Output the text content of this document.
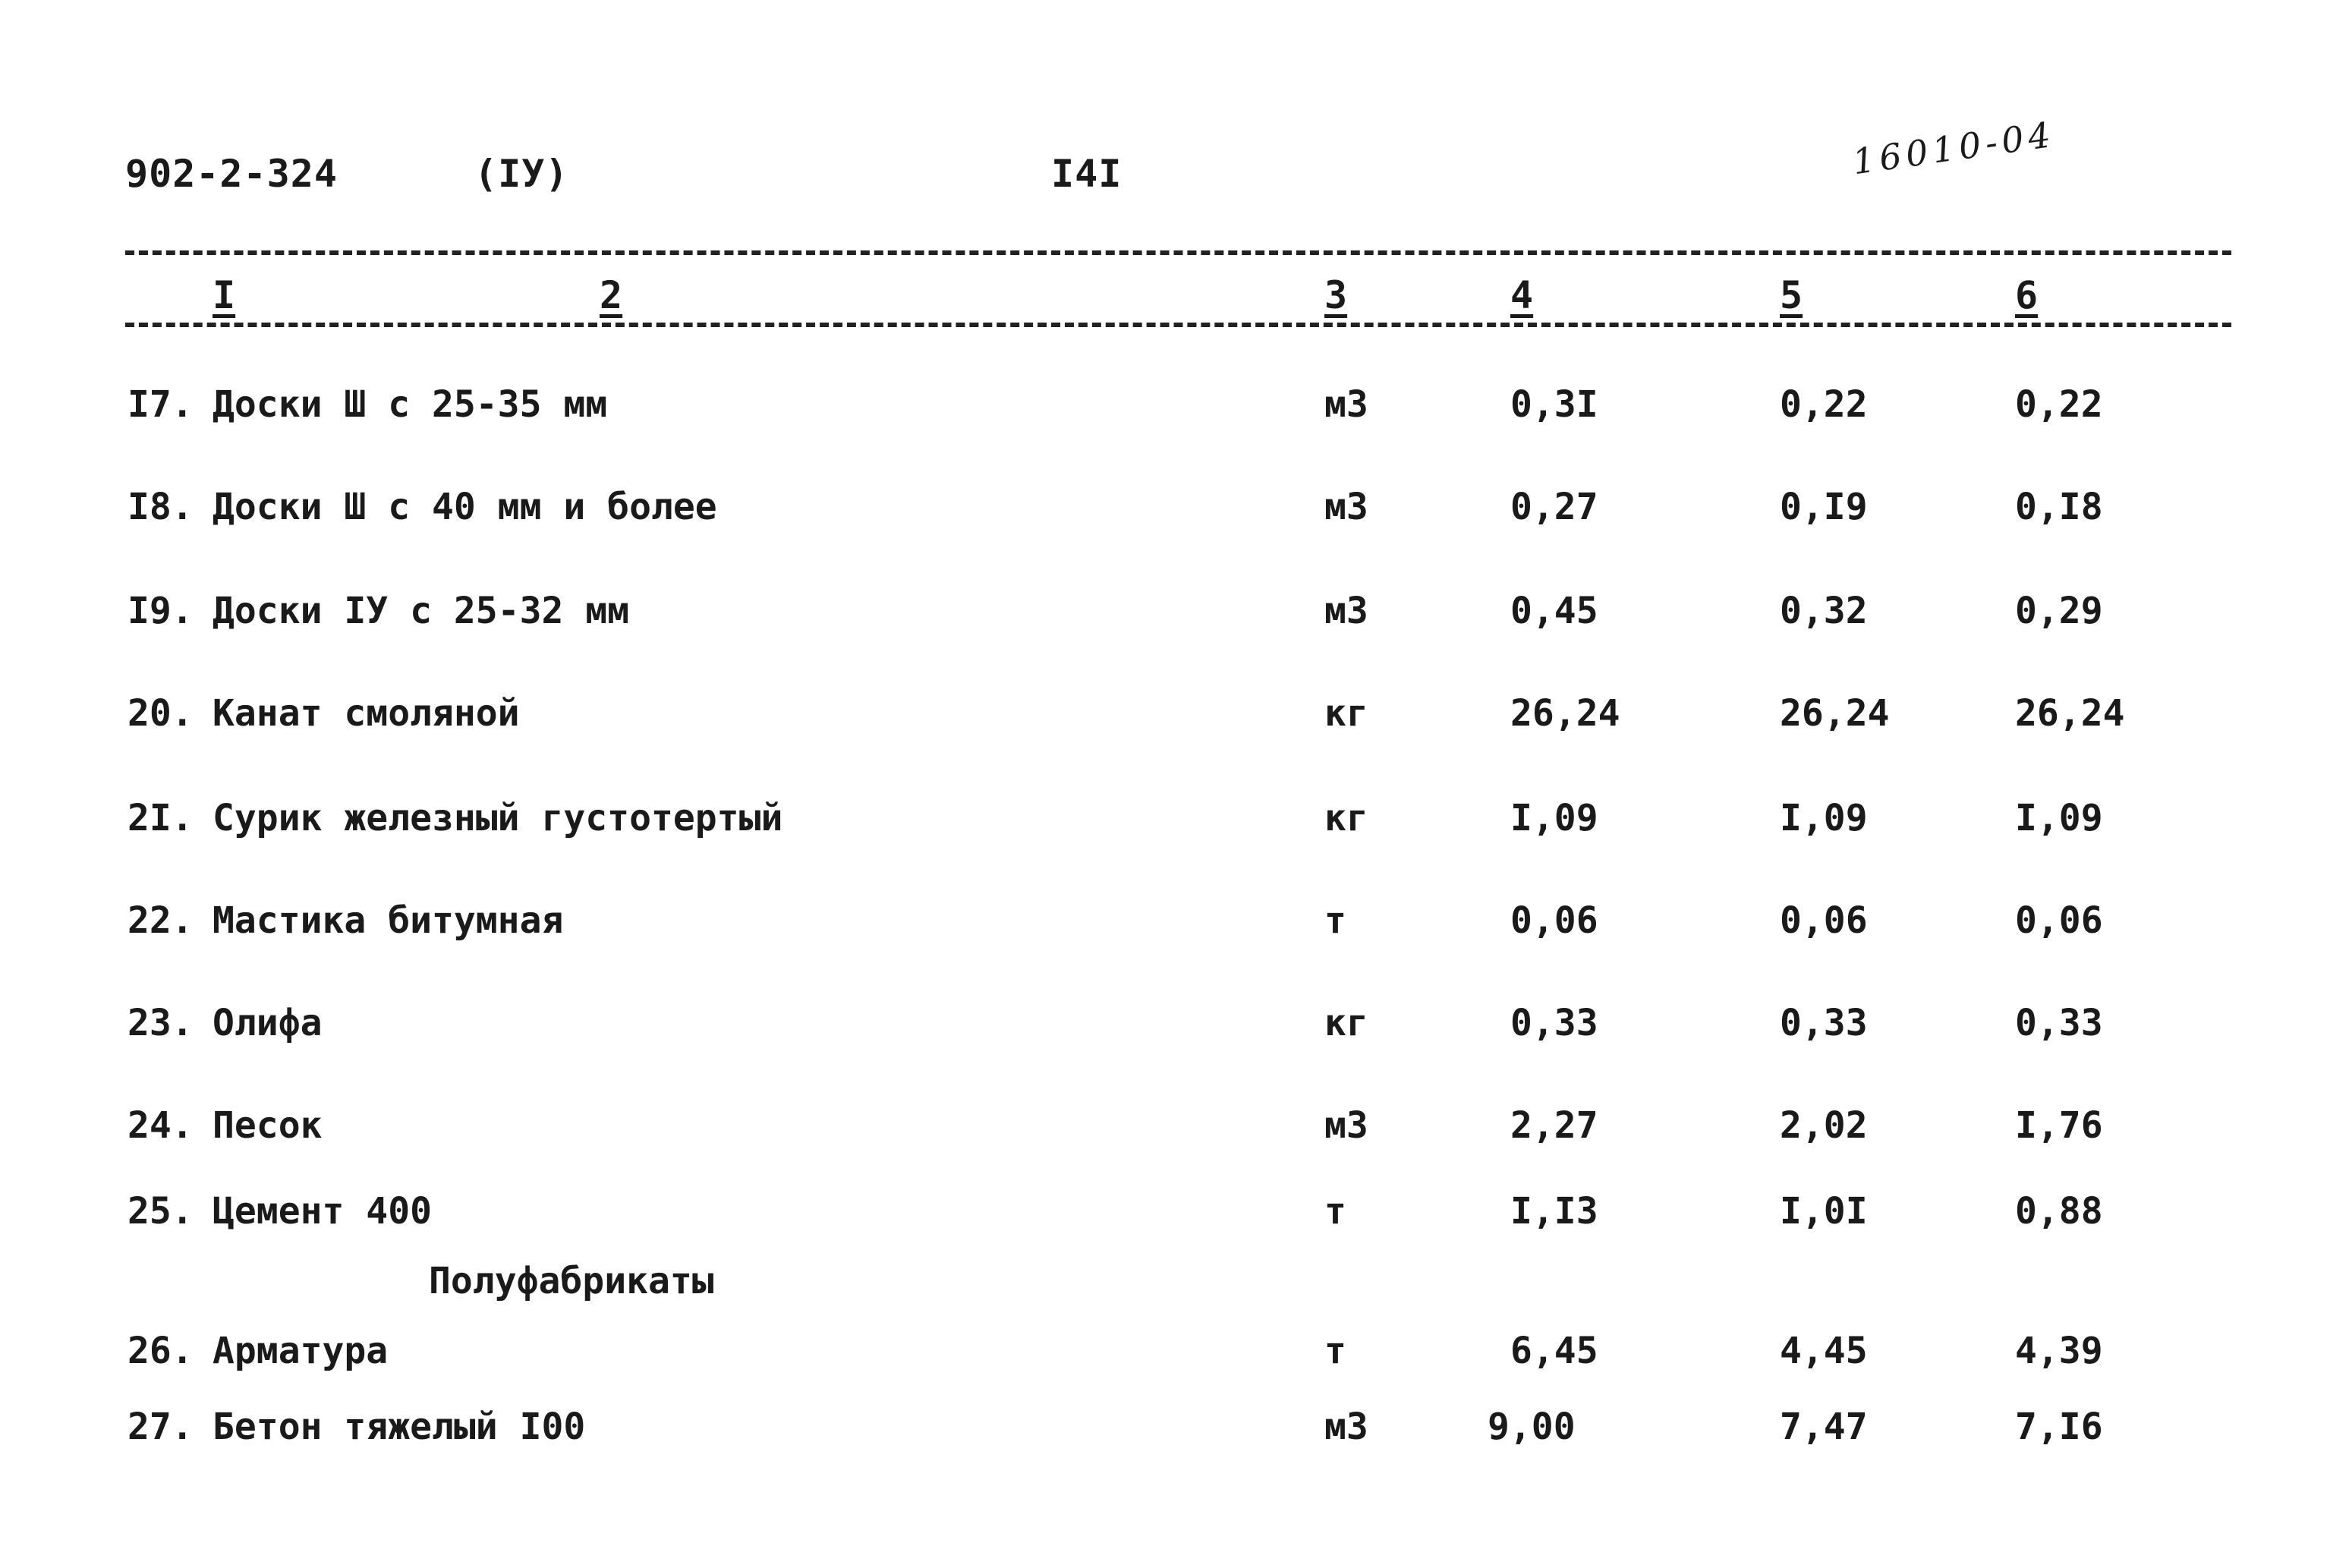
902-2-324	(IУ)	I4I	16010-04
I	2	3	4	5	6
I7. Доски Ш с 25-35 мм	м3	0,3I	0,22	0,22
I8. Доски Ш с 40 мм и более	м3	0,27	0,I9	0,I8
I9. Доски IУ с 25-32 мм	м3	0,45	0,32	0,29
20. Канат смоляной	кг	26,24	26,24	26,24
2I. Сурик железный густотертый	кг	I,09	I,09	I,09
22. Мастика битумная	т	0,06	0,06	0,06
23. Олифа	кг	0,33	0,33	0,33
24. Песок	м3	2,27	2,02	I,76
25. Цемент 400	т	I,I3	I,0I	0,88
Полуфабрикаты
26. Арматура	т	6,45	4,45	4,39
27. Бетон тяжелый I00	м3	9,00	7,47	7,I6
